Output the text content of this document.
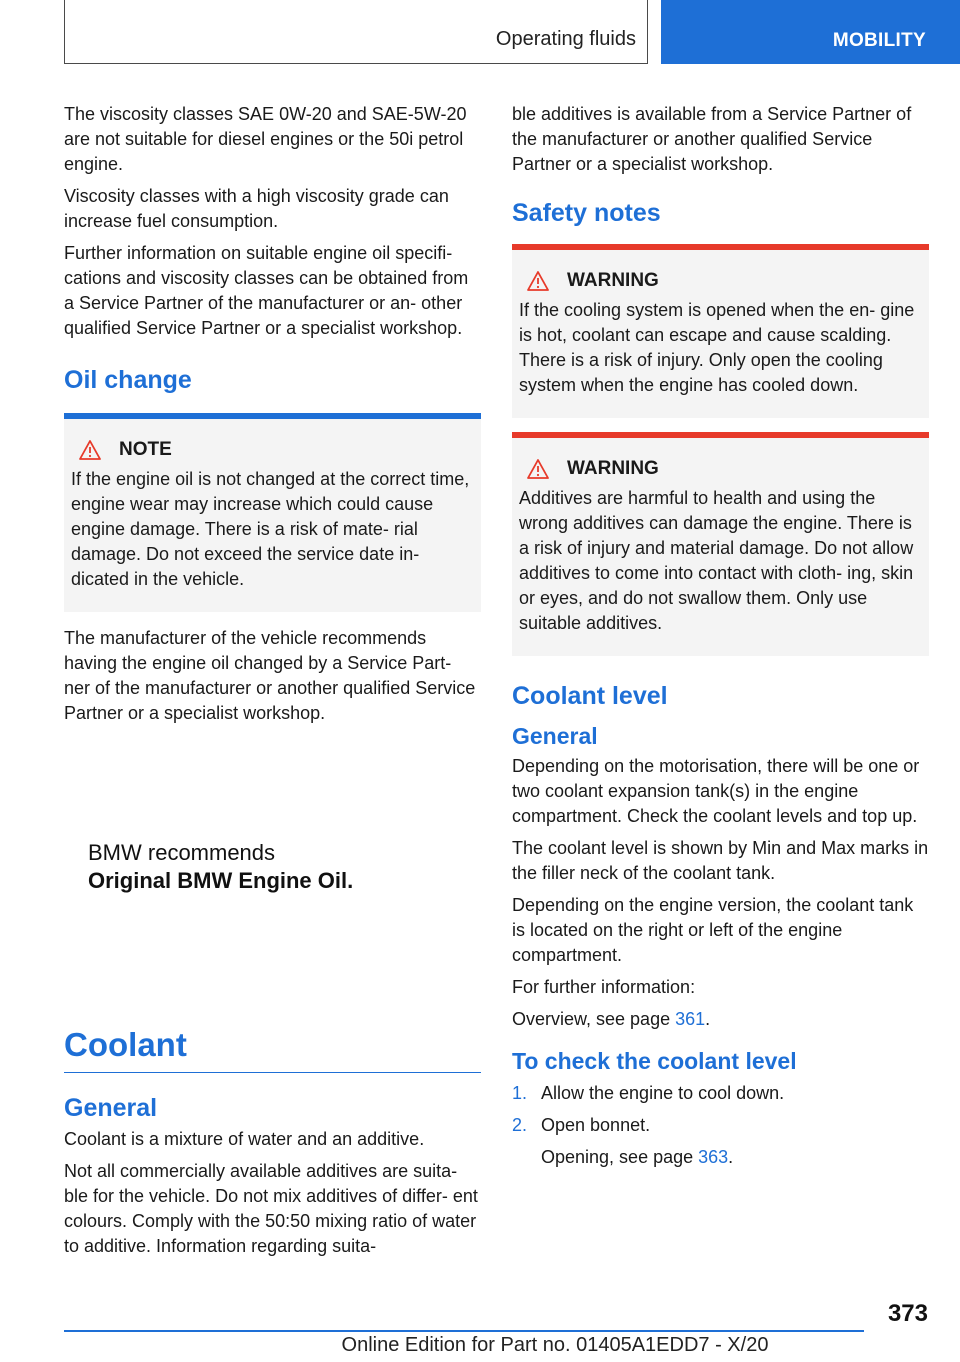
Operating fluids	MOBILITY

The viscosity classes SAE 0W-20 and SAE-5W-20 are not suitable for diesel engines or the 50i petrol engine.

Viscosity classes with a high viscosity grade can increase fuel consumption.

Further information on suitable engine oil specifi- cations and viscosity classes can be obtained from a Service Partner of the manufacturer or an- other qualified Service Partner or a specialist workshop.

Oil change
NOTE

If the engine oil is not changed at the correct time, engine wear may increase which could cause engine damage. There is a risk of mate- rial damage. Do not exceed the service date in- dicated in the vehicle.

The manufacturer of the vehicle recommends having the engine oil changed by a Service Part- ner of the manufacturer or another qualified Service Partner or a specialist workshop.

BMW recommends
Original BMW Engine Oil.
Coolant
General

Coolant is a mixture of water and an additive.

Not all commercially available additives are suita- ble for the vehicle. Do not mix additives of differ- ent colours. Comply with the 50:50 mixing ratio of water to additive. Information regarding suita-

ble additives is available from a Service Partner of the manufacturer or another qualified Service Partner or a specialist workshop.

Safety notes
WARNING

If the cooling system is opened when the en- gine is hot, coolant can escape and cause scalding. There is a risk of injury. Only open the cooling system when the engine has cooled down.

WARNING

Additives are harmful to health and using the wrong additives can damage the engine. There is a risk of injury and material damage. Do not allow additives to come into contact with cloth- ing, skin or eyes, and do not swallow them. Only use suitable additives.

Coolant level
General

Depending on the motorisation, there will be one or two coolant expansion tank(s) in the engine compartment. Check the coolant levels and top up.

The coolant level is shown by Min and Max marks in the filler neck of the coolant tank.

Depending on the engine version, the coolant tank is located on the right or left of the engine compartment.

For further information:

Overview, see page 361.

To check the coolant level
1. Allow the engine to cool down.
2. Open bonnet.

Opening, see page 363.

373
Online Edition for Part no. 01405A1EDD7 - X/20
